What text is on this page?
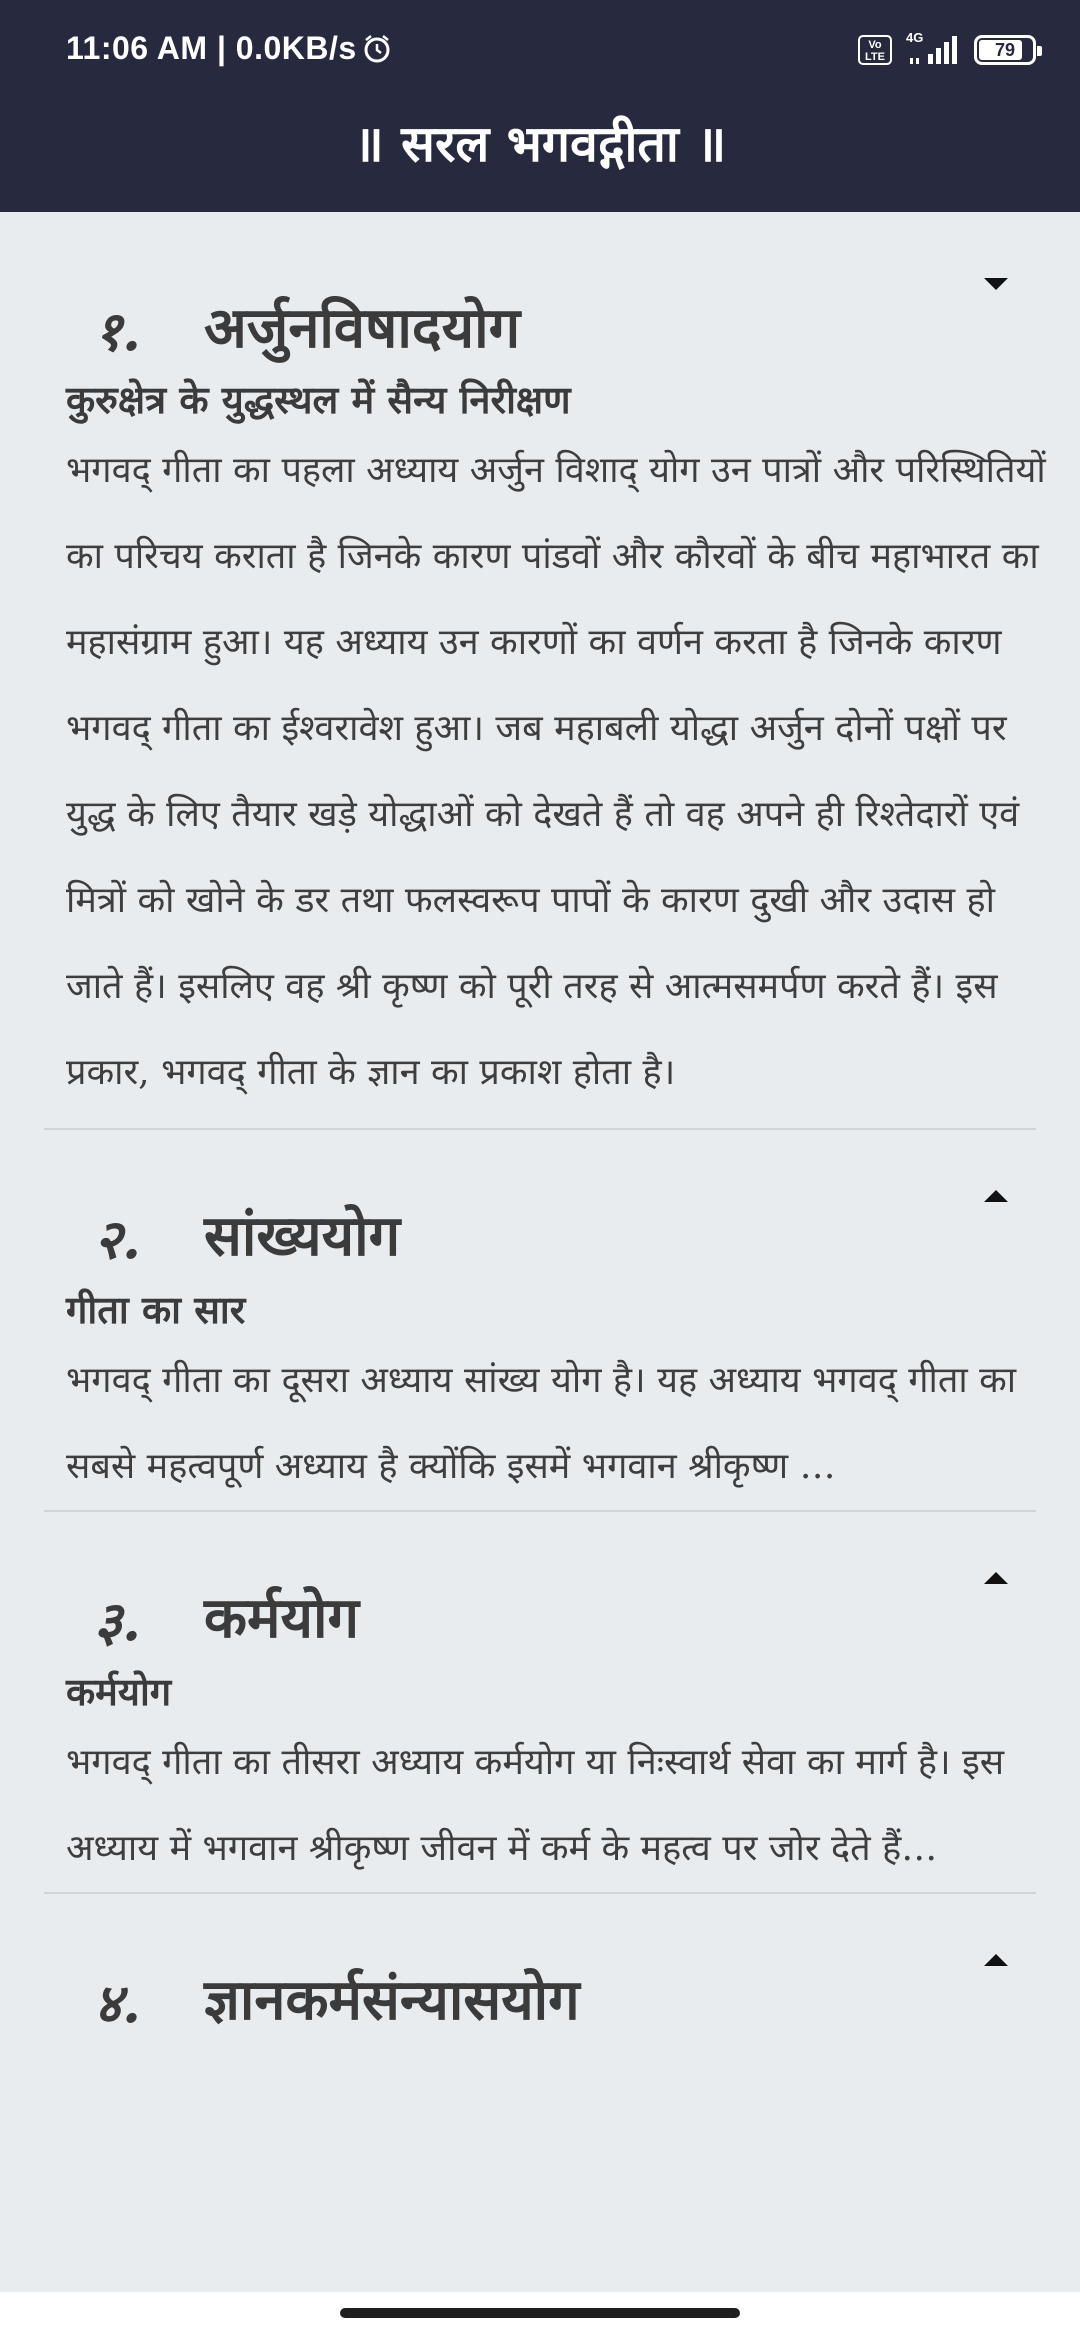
11:06 AM | 0.0KB/s	Vo LTE
4G
79
॥ सरल भगवद्गीता ॥
१. अर्जुनविषादयोग
कुरुक्षेत्र के युद्धस्थल में सैन्य निरीक्षण
भगवद् गीता का पहला अध्याय अर्जुन विशाद् योग उन पात्रों और परिस्थितियों का परिचय कराता है जिनके कारण पांडवों और कौरवों के बीच महाभारत का महासंग्राम हुआ। यह अध्याय उन कारणों का वर्णन करता है जिनके कारण भगवद् गीता का ईश्वरावेश हुआ। जब महाबली योद्धा अर्जुन दोनों पक्षों पर युद्ध के लिए तैयार खड़े योद्धाओं को देखते हैं तो वह अपने ही रिश्तेदारों एवं मित्रों को खोने के डर तथा फलस्वरूप पापों के कारण दुखी और उदास हो जाते हैं। इसलिए वह श्री कृष्ण को पूरी तरह से आत्मसमर्पण करते हैं। इस प्रकार, भगवद् गीता के ज्ञान का प्रकाश होता है।
२. सांख्ययोग
गीता का सार
भगवद् गीता का दूसरा अध्याय सांख्य योग है। यह अध्याय भगवद् गीता का सबसे महत्वपूर्ण अध्याय है क्योंकि इसमें भगवान श्रीकृष्ण …
३. कर्मयोग
कर्मयोग
भगवद् गीता का तीसरा अध्याय कर्मयोग या निःस्वार्थ सेवा का मार्ग है। इस अध्याय में भगवान श्रीकृष्ण जीवन में कर्म के महत्व पर जोर देते हैं…
४. ज्ञानकर्मसंन्यासयोग
